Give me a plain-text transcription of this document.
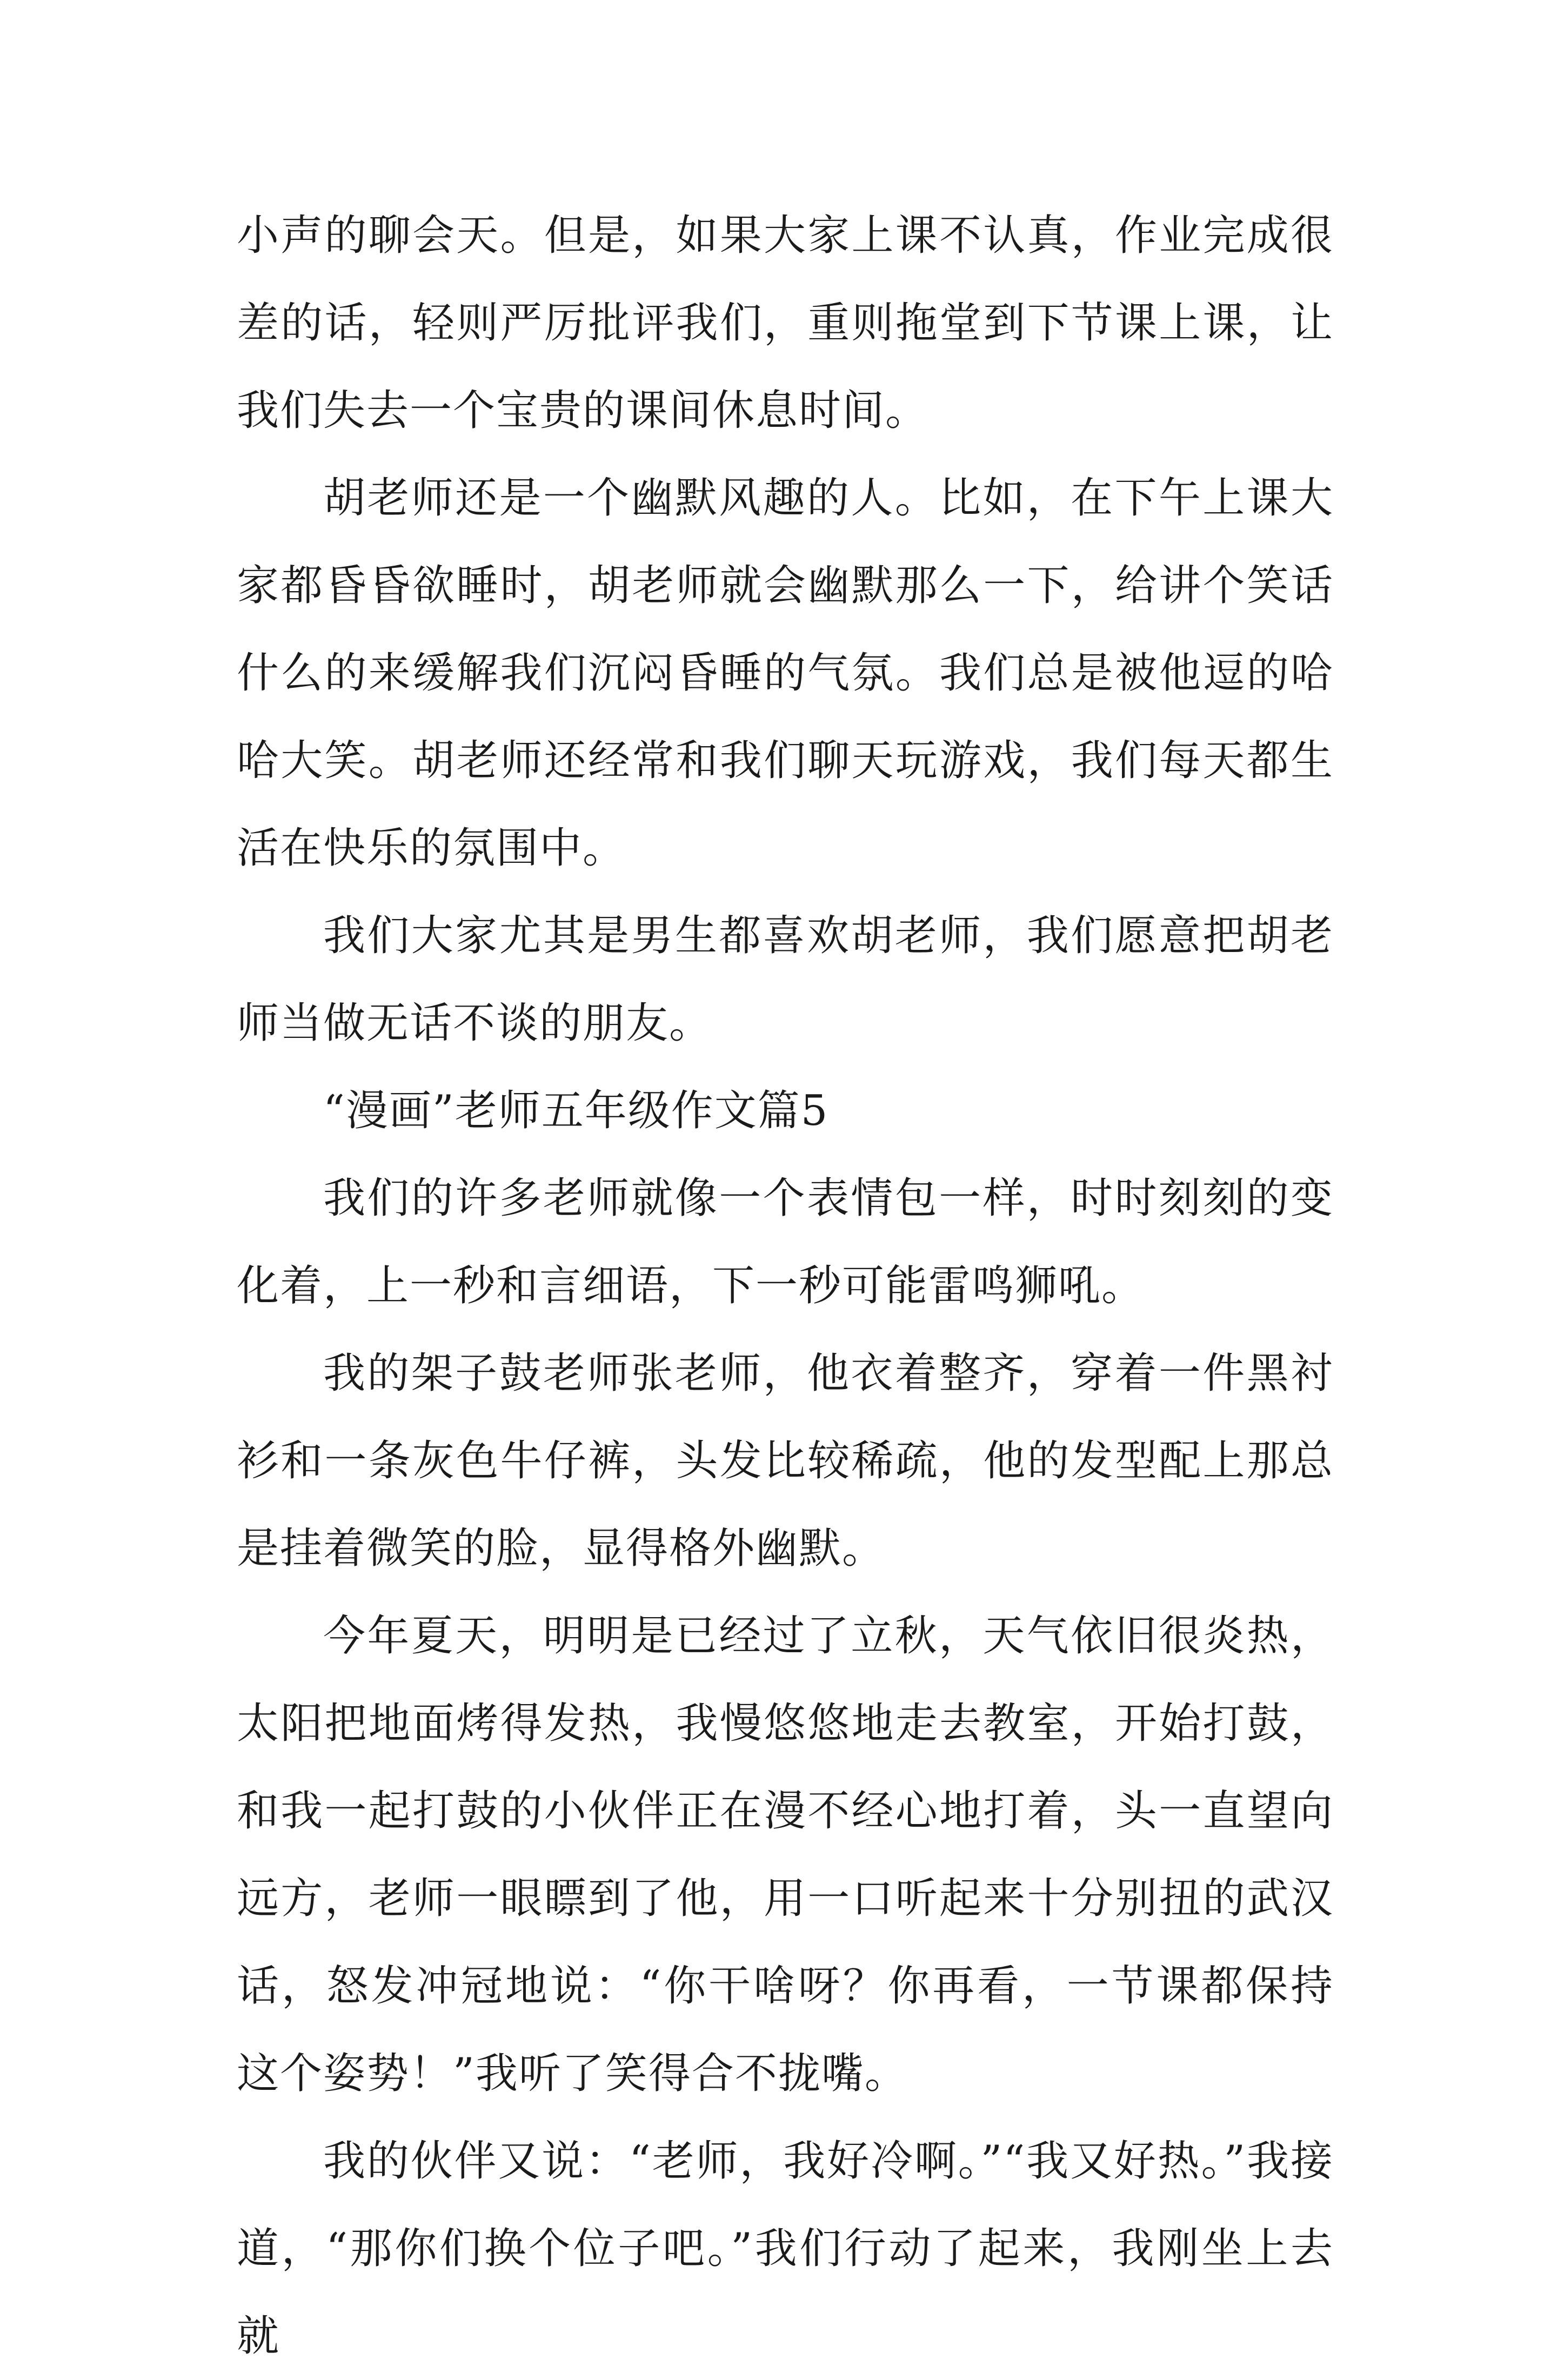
小声的聊会天。但是，如果大家上课不认真，作业完成很差的话，轻则严厉批评我们，重则拖堂到下节课上课，让我们失去一个宝贵的课间休息时间。

胡老师还是一个幽默风趣的人。比如，在下午上课大家都昏昏欲睡时，胡老师就会幽默那么一下，给讲个笑话什么的来缓解我们沉闷昏睡的气氛。我们总是被他逗的哈哈大笑。胡老师还经常和我们聊天玩游戏，我们每天都生活在快乐的氛围中。

我们大家尤其是男生都喜欢胡老师，我们愿意把胡老师当做无话不谈的朋友。

“漫画”老师五年级作文篇5

我们的许多老师就像一个表情包一样，时时刻刻的变化着，上一秒和言细语，下一秒可能雷鸣狮吼。

我的架子鼓老师张老师，他衣着整齐，穿着一件黑衬衫和一条灰色牛仔裤，头发比较稀疏，他的发型配上那总是挂着微笑的脸，显得格外幽默。

今年夏天，明明是已经过了立秋，天气依旧很炎热，太阳把地面烤得发热，我慢悠悠地走去教室，开始打鼓，和我一起打鼓的小伙伴正在漫不经心地打着，头一直望向远方，老师一眼瞟到了他，用一口听起来十分别扭的武汉话，怒发冲冠地说：“你干啥呀？你再看，一节课都保持这个姿势！”我听了笑得合不拢嘴。

我的伙伴又说：“老师，我好冷啊。”“我又好热。”我接道，“那你们换个位子吧。”我们行动了起来，我刚坐上去就
